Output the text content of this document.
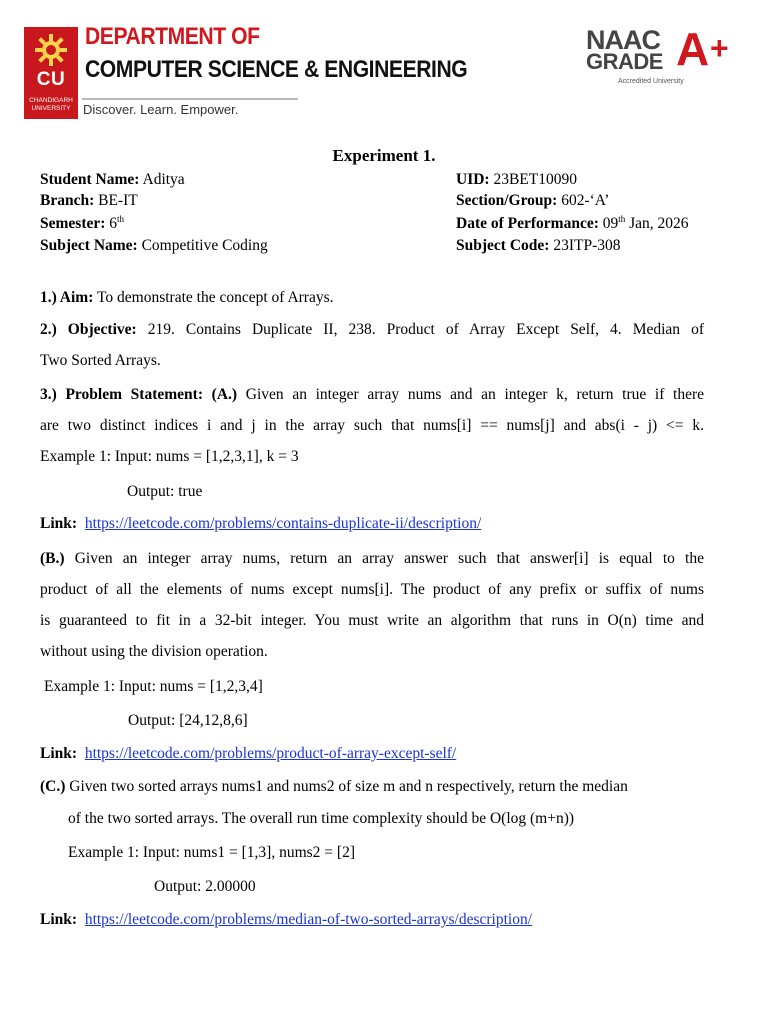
CU
CHANDIGARH
UNIVERSITY
DEPARTMENT OF
COMPUTER SCIENCE & ENGINEERING
Discover. Learn. Empower.
NAAC
GRADE A +
Accredited University
Experiment 1.
Student Name: Aditya	UID: 23BET10090
Branch: BE-IT	Section/Group: 602-‘A’
Semester: 6th	Date of Performance: 09th Jan, 2026
Subject Name: Competitive Coding	Subject Code: 23ITP-308
1.) Aim: To demonstrate the concept of Arrays.
2.) Objective: 219. Contains Duplicate II, 238. Product of Array Except Self, 4. Median of
Two Sorted Arrays.
3.) Problem Statement: (A.) Given an integer array nums and an integer k, return true if there
are two distinct indices i and j in the array such that nums[i] == nums[j] and abs(i - j) <= k.
Example 1: Input: nums = [1,2,3,1], k = 3
Output: true
Link: https://leetcode.com/problems/contains-duplicate-ii/description/
(B.) Given an integer array nums, return an array answer such that answer[i] is equal to the
product of all the elements of nums except nums[i]. The product of any prefix or suffix of nums
is guaranteed to fit in a 32-bit integer. You must write an algorithm that runs in O(n) time and
without using the division operation.
Example 1: Input: nums = [1,2,3,4]
Output: [24,12,8,6]
Link: https://leetcode.com/problems/product-of-array-except-self/
(C.) Given two sorted arrays nums1 and nums2 of size m and n respectively, return the median
of the two sorted arrays. The overall run time complexity should be O(log (m+n))
Example 1: Input: nums1 = [1,3], nums2 = [2]
Output: 2.00000
Link: https://leetcode.com/problems/median-of-two-sorted-arrays/description/
